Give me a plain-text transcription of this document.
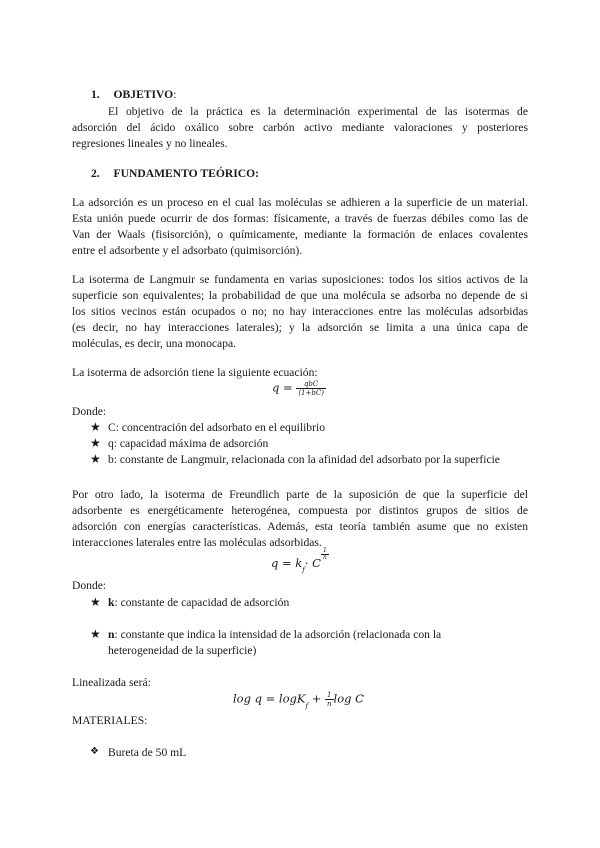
1. OBJETIVO:
El objetivo de la práctica es la determinación experimental de las isotermas de
adsorción del ácido oxálico sobre carbón activo mediante valoraciones y posteriores
regresiones lineales y no lineales.
2. FUNDAMENTO TEÓRICO:
La adsorción es un proceso en el cual las moléculas se adhieren a la superficie de un material.
Esta unión puede ocurrir de dos formas: físicamente, a través de fuerzas débiles como las de
Van der Waals (fisisorción), o químicamente, mediante la formación de enlaces covalentes
entre el adsorbente y el adsorbato (quimisorción).
La isoterma de Langmuir se fundamenta en varias suposiciones: todos los sitios activos de la
superficie son equivalentes; la probabilidad de que una molécula se adsorba no depende de si
los sitios vecinos están ocupados o no; no hay interacciones entre las moléculas adsorbidas
(es decir, no hay interacciones laterales); y la adsorción se limita a una única capa de
moléculas, es decir, una monocapa.
La isoterma de adsorción tiene la siguiente ecuación:
$q = \frac{\text{qbC}}{(1+bC)}$
Donde:
★ C: concentración del adsorbato en el equilibrio
★ q: capacidad máxima de adsorción
★ b: constante de Langmuir, relacionada con la afinidad del adsorbato por la superficie
Por otro lado, la isoterma de Freundlich parte de la suposición de que la superficie del
adsorbente es energéticamente heterogénea, compuesta por distintos grupos de sitios de
adsorción con energías características. Además, esta teoría también asume que no existen
interacciones laterales entre las moléculas adsorbidas.
$q = k_f\cdot C$
$\frac{1}{n}$
Donde:
★ k: constante de capacidad de adsorción
★ n: constante que indica la intensidad de la adsorción (relacionada con la
heterogeneidad de la superficie)
Linealizada será:
$\log q = \log K_f + \frac{1}{n}$ log C
MATERIALES:
❖ Bureta de 50 mL
